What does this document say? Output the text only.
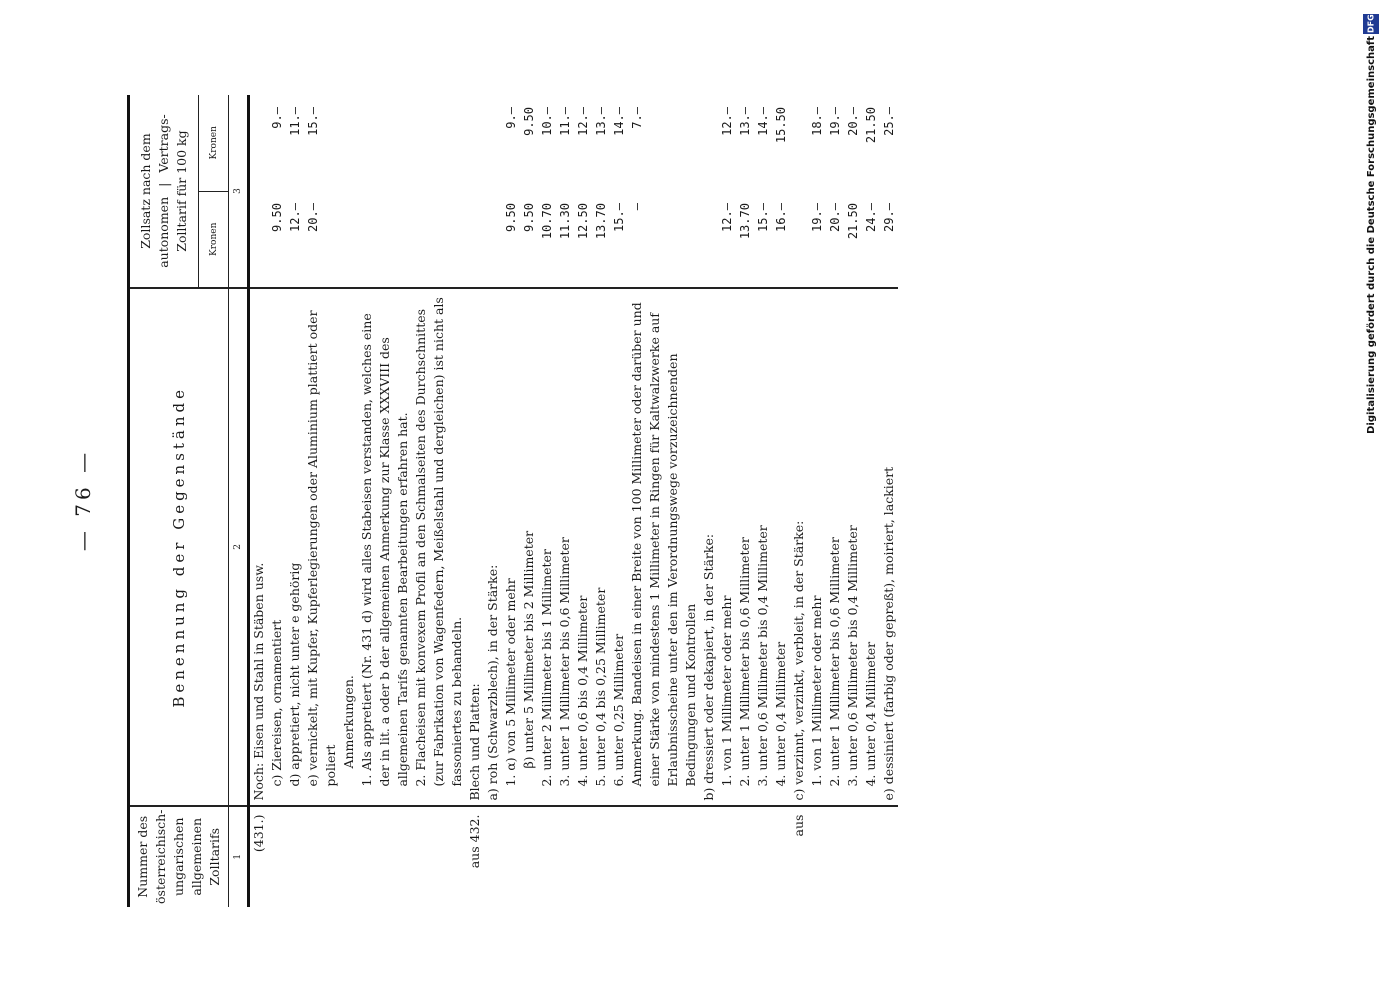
— 76 —
Nummer des österreichisch-ungarischen allgemeinen Zolltarifs	Benennung der Gegenstände	Zollsatz nach dem autonomen
|
Vertrags- Zolltarif für 100 kg	

		Kronen	Kronen
1	2	3	
(431.)	Noch: Eisen und Stahl in Stäben usw.		
	c) Ziereisen, ornamentiert	9.50	9.—
	d) appretiert, nicht unter e gehörig	12.—	11.—
	e) vernickelt, mit Kupfer, Kupferlegierungen oder Aluminium plattiert oder poliert	20.—	15.—
	Anmerkungen.		
	1. Als appretiert (Nr. 431 d) wird alles Stabeisen verstanden, welches eine der in lit. a oder b der allgemeinen Anmerkung zur Klasse XXXVIII des allgemeinen Tarifs genannten Bearbeitungen erfahren hat.		
	2. Flacheisen mit konvexem Profil an den Schmalseiten des Durchschnittes (zur Fabrikation von Wagenfedern, Meißelstahl und dergleichen) ist nicht als fassoniertes zu behandeln.		
aus 432.	Blech und Platten:		
	a) roh (Schwarzblech), in der Stärke:		
	1. α) von 5 Millimeter oder mehr	9.50	9.—
	β) unter 5 Millimeter bis 2 Millimeter	9.50	9.50
	2. unter 2 Millimeter bis 1 Millimeter	10.70	10.—
	3. unter 1 Millimeter bis 0,6 Millimeter	11.30	11.—
	4. unter 0,6 bis 0,4 Millimeter	12.50	12.—
	5. unter 0,4 bis 0,25 Millimeter	13.70	13.—
	6. unter 0,25 Millimeter	15.—	14.—
	Anmerkung. Bandeisen in einer Breite von 100 Millimeter oder darüber und einer Stärke von mindestens 1 Millimeter in Ringen für Kaltwalzwerke auf Erlaubnisscheine unter den im Verordnungswege vorzuzeichnenden Bedingungen und Kontrollen	—	7.—
	b) dressiert oder dekapiert, in der Stärke:		
	1. von 1 Millimeter oder mehr	12.—	12.—
	2. unter 1 Millimeter bis 0,6 Millimeter	13.70	13.—
	3. unter 0,6 Millimeter bis 0,4 Millimeter	15.—	14.—
	4. unter 0,4 Millimeter	16.—	15.50
aus	c) verzinnt, verzinkt, verbleit, in der Stärke:		
	1. von 1 Millimeter oder mehr	19.—	18.—
	2. unter 1 Millimeter bis 0,6 Millimeter	20.—	19.—
	3. unter 0,6 Millimeter bis 0,4 Millimeter	21.50	20.—
	4. unter 0,4 Millimeter	24.—	21.50
	e) dessiniert (farbig oder gepreßt), moiriert, lackiert	29.—	25.—
DFG
Digitalisierung gefördert durch die Deutsche Forschungsgemeinschaft
